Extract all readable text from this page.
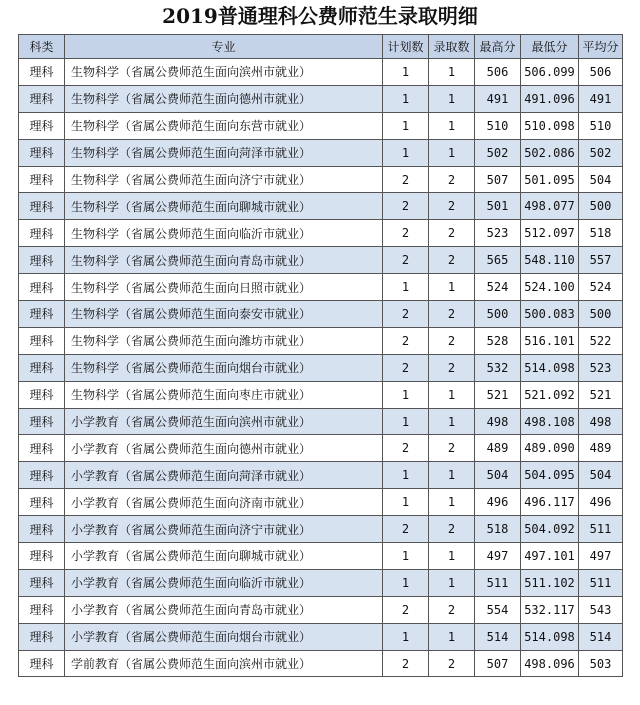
2019普通理科公费师范生录取明细
科类	专业	计划数	录取数	最高分	最低分	平均分
理科	生物科学（省属公费师范生面向滨州市就业）	1	1	506	506.099	506
理科	生物科学（省属公费师范生面向德州市就业）	1	1	491	491.096	491
理科	生物科学（省属公费师范生面向东营市就业）	1	1	510	510.098	510
理科	生物科学（省属公费师范生面向菏泽市就业）	1	1	502	502.086	502
理科	生物科学（省属公费师范生面向济宁市就业）	2	2	507	501.095	504
理科	生物科学（省属公费师范生面向聊城市就业）	2	2	501	498.077	500
理科	生物科学（省属公费师范生面向临沂市就业）	2	2	523	512.097	518
理科	生物科学（省属公费师范生面向青岛市就业）	2	2	565	548.110	557
理科	生物科学（省属公费师范生面向日照市就业）	1	1	524	524.100	524
理科	生物科学（省属公费师范生面向泰安市就业）	2	2	500	500.083	500
理科	生物科学（省属公费师范生面向潍坊市就业）	2	2	528	516.101	522
理科	生物科学（省属公费师范生面向烟台市就业）	2	2	532	514.098	523
理科	生物科学（省属公费师范生面向枣庄市就业）	1	1	521	521.092	521
理科	小学教育（省属公费师范生面向滨州市就业）	1	1	498	498.108	498
理科	小学教育（省属公费师范生面向德州市就业）	2	2	489	489.090	489
理科	小学教育（省属公费师范生面向菏泽市就业）	1	1	504	504.095	504
理科	小学教育（省属公费师范生面向济南市就业）	1	1	496	496.117	496
理科	小学教育（省属公费师范生面向济宁市就业）	2	2	518	504.092	511
理科	小学教育（省属公费师范生面向聊城市就业）	1	1	497	497.101	497
理科	小学教育（省属公费师范生面向临沂市就业）	1	1	511	511.102	511
理科	小学教育（省属公费师范生面向青岛市就业）	2	2	554	532.117	543
理科	小学教育（省属公费师范生面向烟台市就业）	1	1	514	514.098	514
理科	学前教育（省属公费师范生面向滨州市就业）	2	2	507	498.096	503
